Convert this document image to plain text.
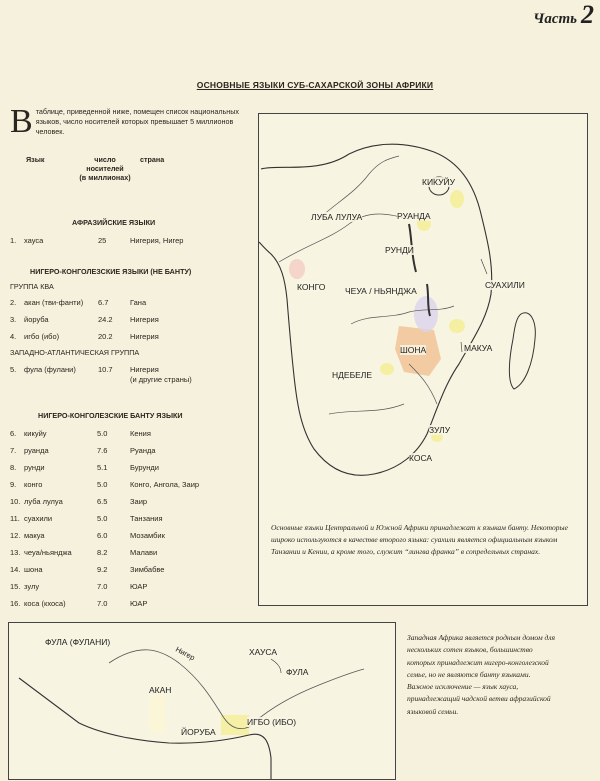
Часть 2
ОСНОВНЫЕ ЯЗЫКИ СУБ-САХАРСКОЙ ЗОНЫ АФРИКИ
В таблице, приведенной ниже, помещен список национальных языков, число носителей которых превышает 5 миллионов человек.
Язык	число
носителей
(в миллионах)
страна
АФРАЗИЙСКИЕ ЯЗЫКИ
1. хауса	25	Нигерия, Нигер
НИГЕРО-КОНГОЛЕЗСКИЕ ЯЗЫКИ (НЕ БАНТУ)
ГРУППА КВА
2. акан (тви-фанти) 6.7	Гана
3. йоруба	24.2 Нигерия
4. игбо (ибо)	20.2 Нигерия
ЗАПАДНО-АТЛАНТИЧЕСКАЯ ГРУППА
5. фула (фулани)	10.7 Нигерия
(и другие страны)
НИГЕРО-КОНГОЛЕЗСКИЕ БАНТУ ЯЗЫКИ
6. кикуйу	5.0	Кения
7. руанда	7.6	Руанда
8. рунди	5.1	Бурунди
9. конго	5.0	Конго, Ангола, Заир
10. луба лулуа	6.5	Заир
11. суахили	5.0	Танзания
12. макуа	6.0	Мозамбик
13. чеуа/ньянджа	8.2	Малави
14. шона	9.2	Зимбабве
15. зулу	7.0	ЮАР
16. коса (кхоса)	7.0	ЮАР
КИКУЙУ
ЛУБА ЛУЛУА	РУАНДА
РУНДИ
КОНГО ЧЕУА / НЬЯНДЖА
СУАХИЛИ
ШОНА	МАКУА
НДЕБЕЛЕ
ЗУЛУ
КОСА
Основные языки Центральной и Южной Африки принадлежат к языкам банту. Некоторые широко используются в качестве второго языка: суахили является официальным языком Танзании и Кении, а кроме того, служит “лингва франка” в сопредельных странах.
ФУЛА (ФУЛАНИ)
Нигер	ХАУСА
ФУЛА
АКАН
ИГБО (ИБО)
ЙОРУБА
Западная Африка является родным домом для нескольких сотен языков, большинство которых принадлежит нигеро-конголезской семье, но не являются банту языками. Важное исключение — язык хауса, принадлежащий чадской ветви афразийской языковой семьи.
